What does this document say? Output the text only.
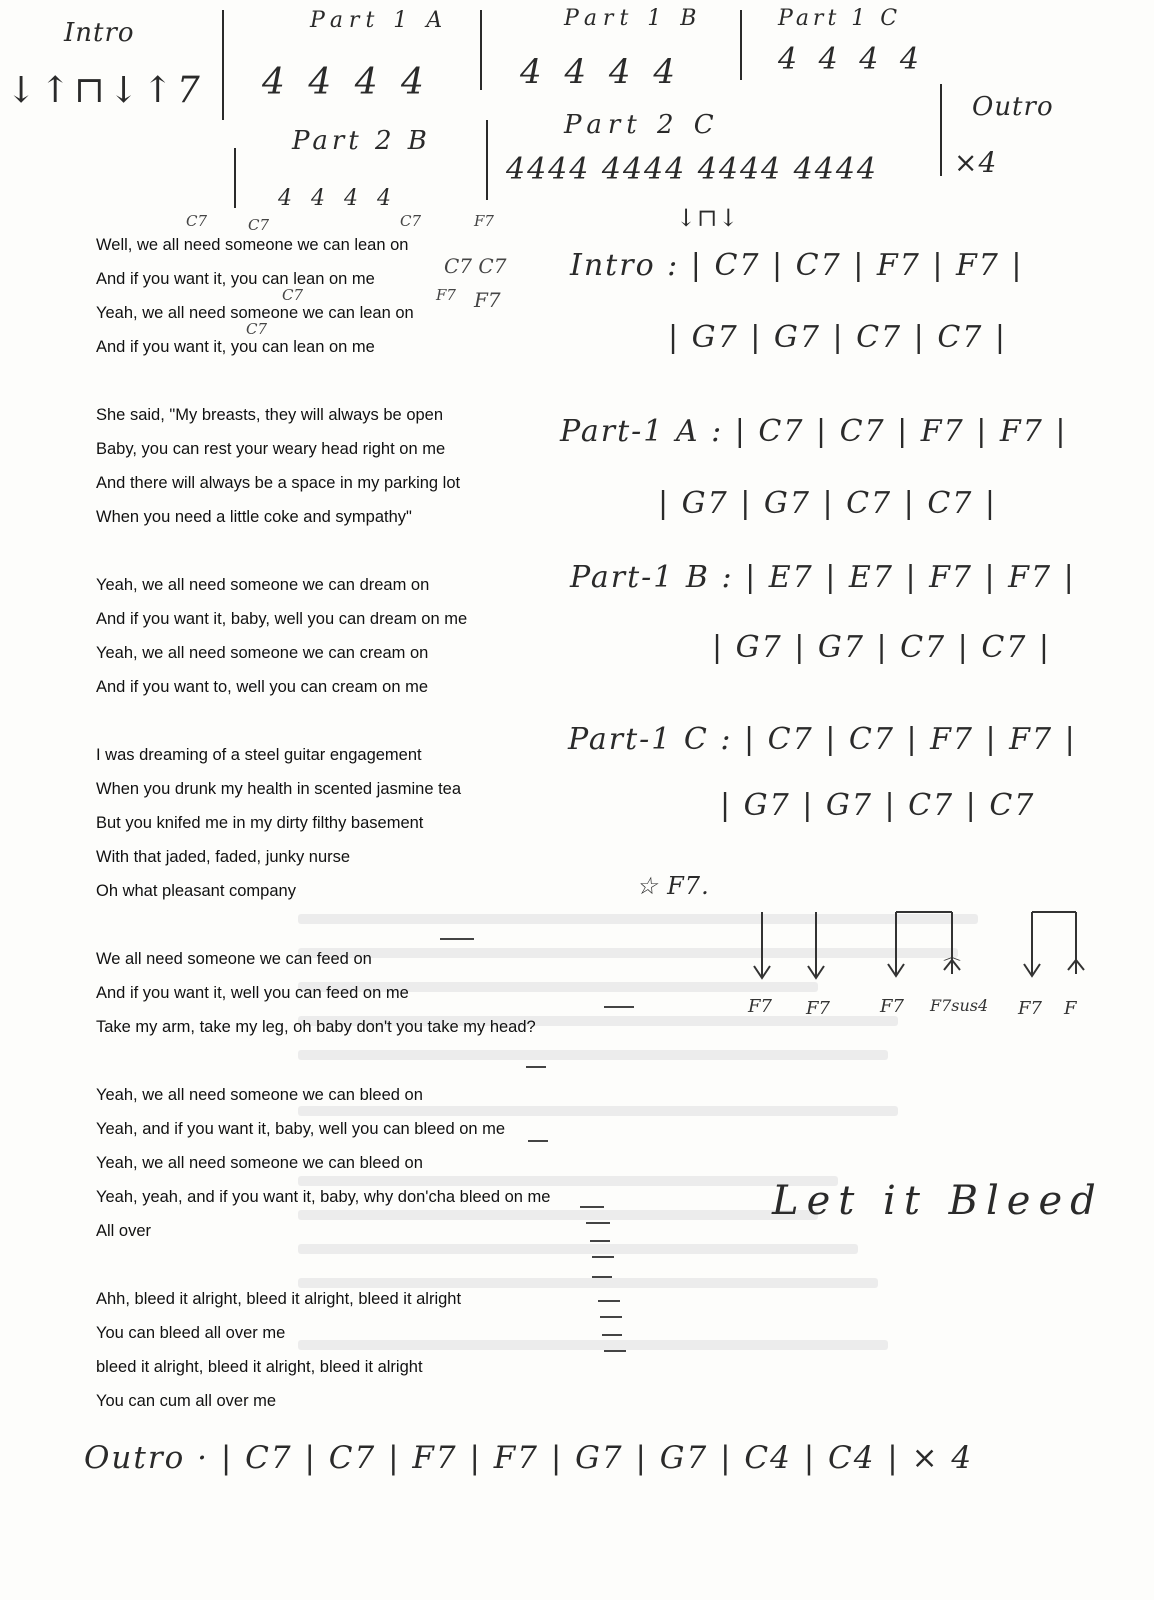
Intro
↓↑⊓↓↑7
Part 1 A
4 4 4 4
Part 1 B
4 4 4 4
Part 1 C
4 4 4 4
Outro
×4
Part 2 B
4 4 4 4
Part 2 C
4444 4444 4444 4444
C7	C7	C7	F7
C7 C7
F7
C7	F7
C7
Well, we all need someone we can lean on
And if you want it, you can lean on me
Yeah, we all need someone we can lean on
And if you want it, you can lean on me
She said, "My breasts, they will always be open
Baby, you can rest your weary head right on me
And there will always be a space in my parking lot
When you need a little coke and sympathy"
Yeah, we all need someone we can dream on
And if you want it, baby, well you can dream on me
Yeah, we all need someone we can cream on
And if you want to, well you can cream on me
I was dreaming of a steel guitar engagement
When you drunk my health in scented jasmine tea
But you knifed me in my dirty filthy basement
With that jaded, faded, junky nurse
Oh what pleasant company
We all need someone we can feed on
And if you want it, well you can feed on me
Take my arm, take my leg, oh baby don't you take my head?
Yeah, we all need someone we can bleed on
Yeah, and if you want it, baby, well you can bleed on me
Yeah, we all need someone we can bleed on
Yeah, yeah, and if you want it, baby, why don'cha bleed on me
All over
Ahh, bleed it alright, bleed it alright, bleed it alright
You can bleed all over me
bleed it alright, bleed it alright, bleed it alright
You can cum all over me
↓⊓↓
Intro : | C7 | C7 | F7 | F7 |
| G7 | G7 | C7 | C7 |
Part-1 A : | C7 | C7 | F7 | F7 |
| G7 | G7 | C7 | C7 |
Part-1 B : | E7 | E7 | F7 | F7 |
| G7 | G7 | C7 | C7 |
Part-1 C : | C7 | C7 | F7 | F7 |
| G7 | G7 | C7 | C7
☆ F7.
F7 F7	F7 F7sus4 F7 F
Let it Bleed
Outro · | C7 | C7 | F7 | F7 | G7 | G7 | C4 | C4 | × 4
